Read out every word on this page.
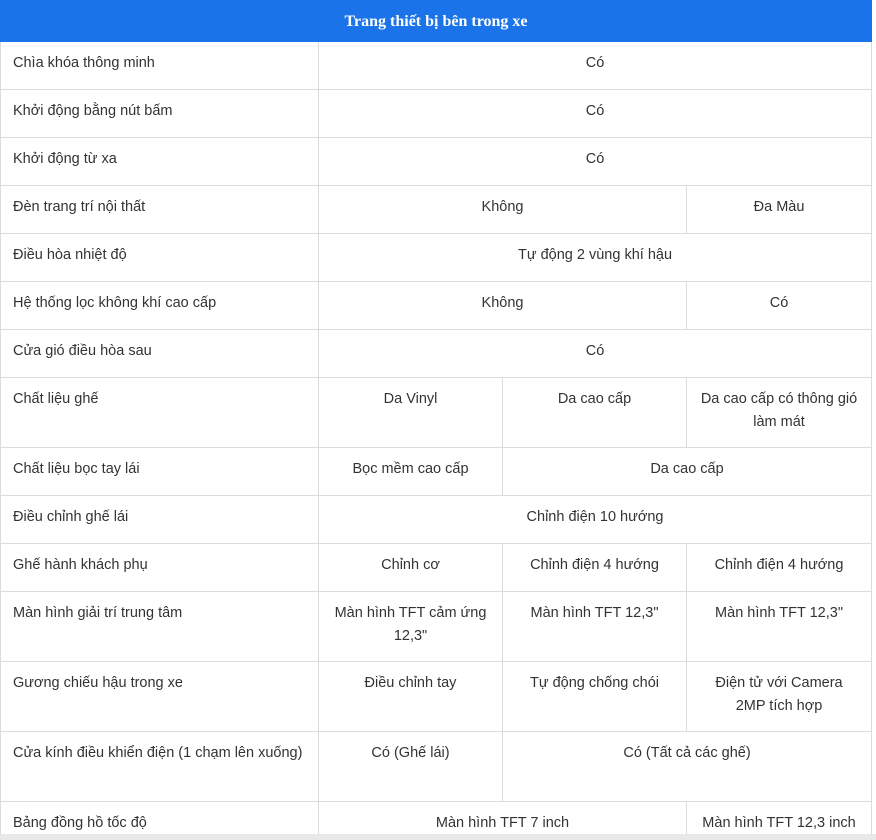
Trang thiết bị bên trong xe			
Chìa khóa thông minh	Có		
Khởi động bằng nút bấm	Có		
Khởi động từ xa	Có		
Đèn trang trí nội thất	Không		Đa Màu
Điều hòa nhiệt độ	Tự động 2 vùng khí hậu		
Hệ thống lọc không khí cao cấp	Không		Có
Cửa gió điều hòa sau	Có		
Chất liệu ghế	Da Vinyl	Da cao cấp	Da cao cấp có thông gió làm mát
Chất liệu bọc tay lái	Bọc mềm cao cấp	Da cao cấp	
Điều chỉnh ghế lái	Chỉnh điện 10 hướng		
Ghế hành khách phụ	Chỉnh cơ	Chỉnh điện 4 hướng	Chỉnh điện 4 hướng
Màn hình giải trí trung tâm	Màn hình TFT cảm ứng 12,3"	Màn hình TFT 12,3"	Màn hình TFT 12,3"
Gương chiếu hậu trong xe	Điều chỉnh tay	Tự động chống chói	Điện tử với Camera 2MP tích hợp
Cửa kính điều khiển điện (1 chạm lên xuống)	Có (Ghế lái)	Có (Tất cả các ghế)	
Bảng đồng hồ tốc độ	Màn hình TFT 7 inch		Màn hình TFT 12,3 inch
